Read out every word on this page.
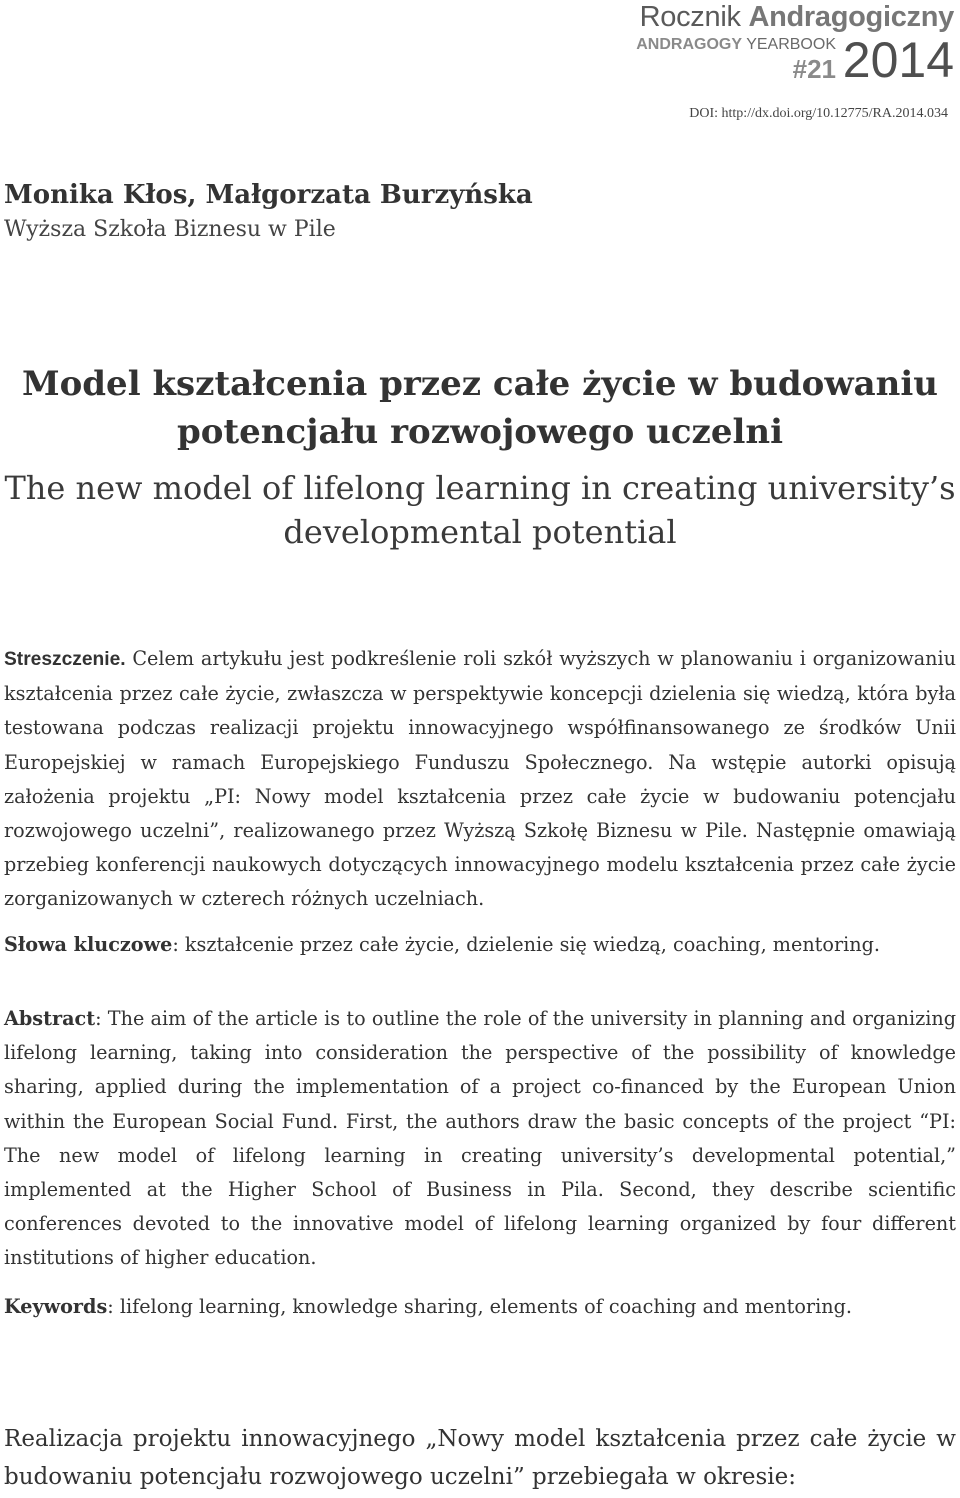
Rocznik Andragogiczny
ANDRAGOGY YEARBOOK
#21 2014
DOI: http://dx.doi.org/10.12775/RA.2014.034
Monika Kłos, Małgorzata Burzyńska
Wyższa Szkoła Biznesu w Pile
Model kształcenia przez całe życie w budowaniu
potencjału rozwojowego uczelni
The new model of lifelong learning in creating university’s
developmental potential
Streszczenie. Celem artykułu jest podkreślenie roli szkół wyższych w planowaniu i organizowaniu kształcenia przez całe życie, zwłaszcza w perspektywie koncepcji dzielenia się wiedzą, która była testowana podczas realizacji projektu innowacyjnego współfinansowanego ze środków Unii Europejskiej w ramach Europejskiego Funduszu Społecznego. Na wstępie autorki opisują założenia projektu „PI: Nowy model kształcenia przez całe życie w budowaniu potencjału rozwojowego uczelni”, realizowanego przez Wyższą Szkołę Biznesu w Pile. Następnie omawiają przebieg konferencji naukowych dotyczących innowacyjnego modelu kształcenia przez całe życie zorganizowanych w czterech różnych uczelniach.
Słowa kluczowe: kształcenie przez całe życie, dzielenie się wiedzą, coaching, mentoring.
Abstract: The aim of the article is to outline the role of the university in planning and organizing lifelong learning, taking into consideration the perspective of the possibility of knowledge sharing, applied during the implementation of a project co-financed by the European Union within the European Social Fund. First, the authors draw the basic concepts of the project “PI: The new model of lifelong learning in creating university’s developmental potential,” implemented at the Higher School of Business in Pila. Second, they describe scientific conferences devoted to the innovative model of lifelong learning organized by four different institutions of higher education.
Keywords: lifelong learning, knowledge sharing, elements of coaching and mentoring.
Realizacja projektu innowacyjnego „Nowy model kształcenia przez całe życie w budowaniu potencjału rozwojowego uczelni” przebiegała w okresie:
